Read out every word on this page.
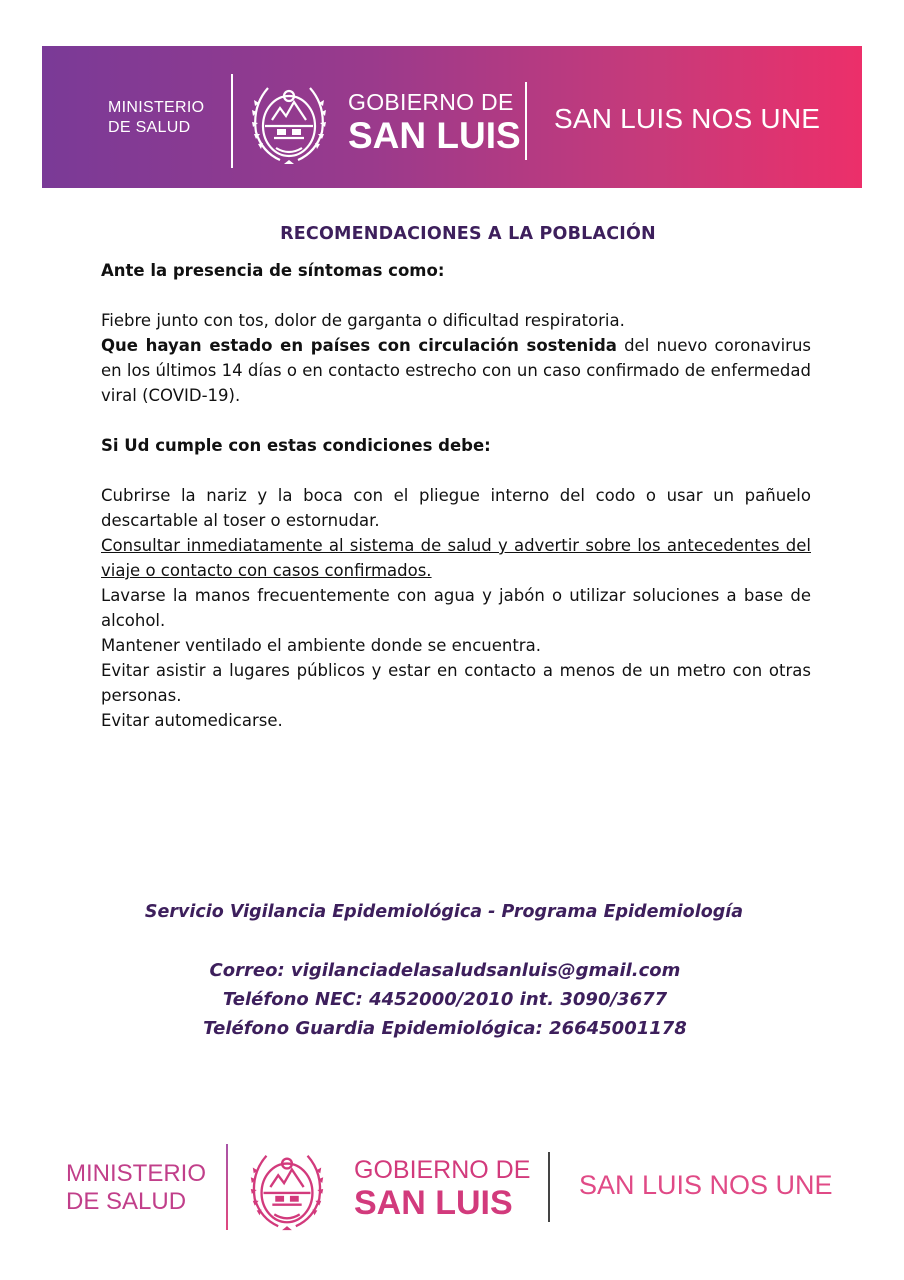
MINISTERIO
DE SALUD
GOBIERNO DE
SAN LUIS SAN LUIS NOS UNE
RECOMENDACIONES A LA POBLACIÓN

Ante la presencia de síntomas como:

Fiebre junto con tos, dolor de garganta o dificultad respiratoria.

Que hayan estado en países con circulación sostenida del nuevo coronavirus en los últimos 14 días o en contacto estrecho con un caso confirmado de enfermedad viral (COVID-19).

Si Ud cumple con estas condiciones debe:

Cubrirse la nariz y la boca con el pliegue interno del codo o usar un pañuelo descartable al toser o estornudar.

Consultar inmediatamente al sistema de salud y advertir sobre los antecedentes del viaje o contacto con casos confirmados.

Lavarse la manos frecuentemente con agua y jabón o utilizar soluciones a base de alcohol.

Mantener ventilado el ambiente donde se encuentra.

Evitar asistir a lugares públicos y estar en contacto a menos de un metro con otras personas.

Evitar automedicarse.

Servicio Vigilancia Epidemiológica - Programa Epidemiología
Correo: vigilanciadelasaludsanluis@gmail.com
Teléfono NEC: 4452000/2010 int. 3090/3677
Teléfono Guardia Epidemiológica: 26645001178
MINISTERIO
DE SALUD
GOBIERNO DE
SAN LUIS SAN LUIS NOS UNE
